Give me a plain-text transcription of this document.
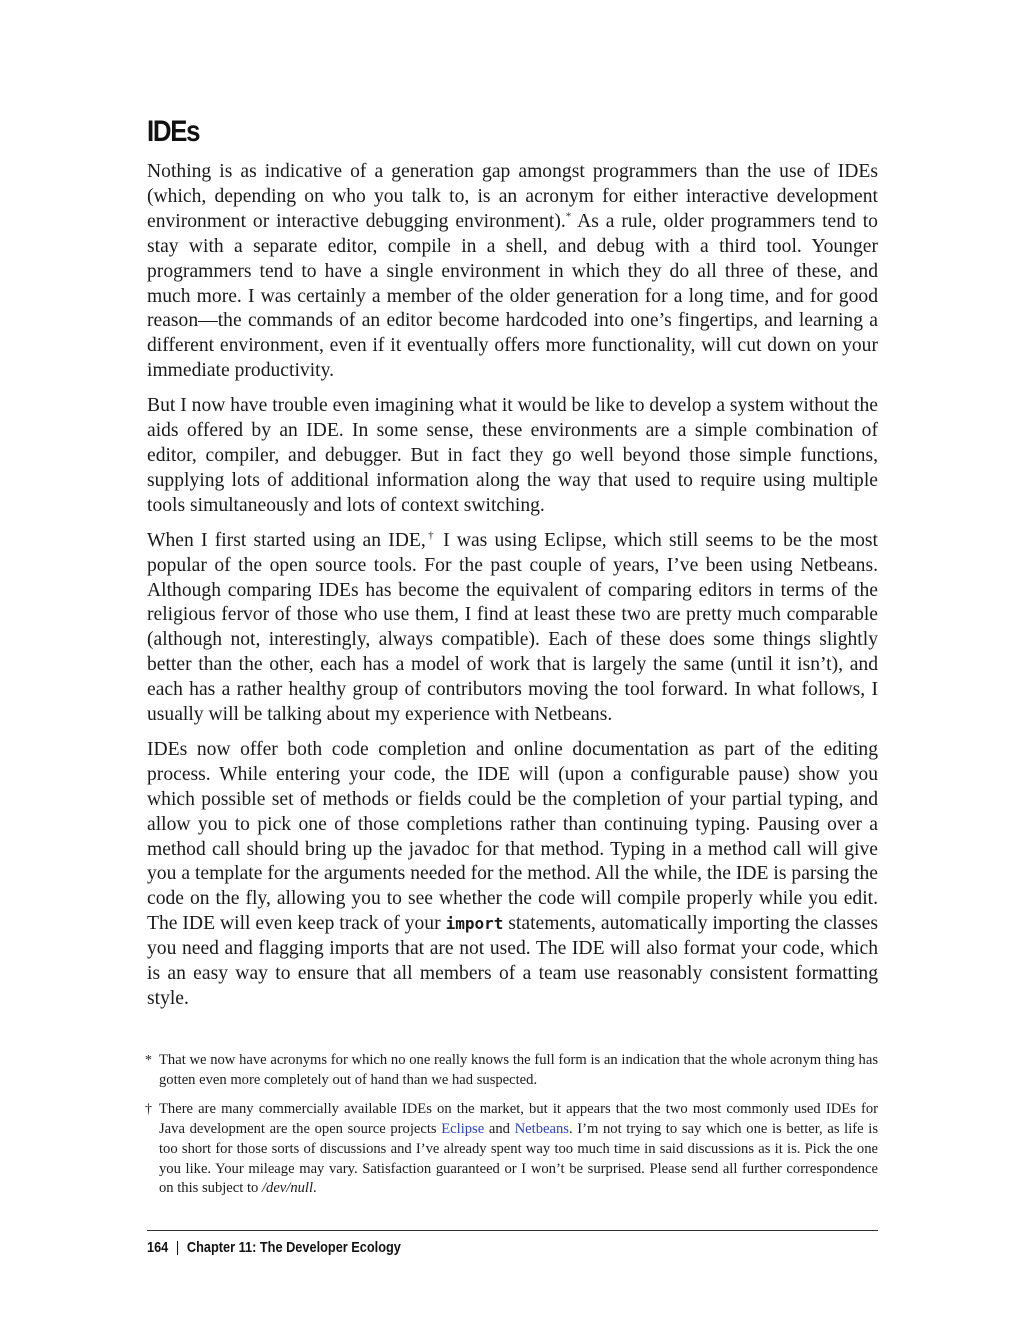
IDEs

Nothing is as indicative of a generation gap amongst programmers than the use of IDEs (which, depending on who you talk to, is an acronym for either interactive development environment or interactive debugging environment).* As a rule, older programmers tend to stay with a separate editor, compile in a shell, and debug with a third tool. Younger programmers tend to have a single environment in which they do all three of these, and much more. I was certainly a member of the older generation for a long time, and for good reason—the commands of an editor become hardcoded into one’s fingertips, and learning a different environment, even if it eventually offers more functionality, will cut down on your immediate productivity.

But I now have trouble even imagining what it would be like to develop a system without the aids offered by an IDE. In some sense, these environments are a simple combination of editor, compiler, and debugger. But in fact they go well beyond those simple functions, supplying lots of additional information along the way that used to require using multiple tools simultaneously and lots of context switching.

When I first started using an IDE,† I was using Eclipse, which still seems to be the most popular of the open source tools. For the past couple of years, I’ve been using Netbeans. Although comparing IDEs has become the equivalent of comparing editors in terms of the religious fervor of those who use them, I find at least these two are pretty much comparable (although not, interestingly, always compatible). Each of these does some things slightly better than the other, each has a model of work that is largely the same (until it isn’t), and each has a rather healthy group of contributors moving the tool forward. In what follows, I usually will be talking about my experience with Netbeans.

IDEs now offer both code completion and online documentation as part of the editing process. While entering your code, the IDE will (upon a configurable pause) show you which possible set of methods or fields could be the completion of your partial typing, and allow you to pick one of those completions rather than continuing typing. Pausing over a method call should bring up the javadoc for that method. Typing in a method call will give you a template for the arguments needed for the method. All the while, the IDE is parsing the code on the fly, allowing you to see whether the code will compile properly while you edit. The IDE will even keep track of your import statements, automatically importing the classes you need and flagging imports that are not used. The IDE will also format your code, which is an easy way to ensure that all members of a team use reasonably consistent formatting style.

* That we now have acronyms for which no one really knows the full form is an indication that the whole acronym thing has gotten even more completely out of hand than we had suspected.

† There are many commercially available IDEs on the market, but it appears that the two most commonly used IDEs for Java development are the open source projects Eclipse and Netbeans. I’m not trying to say which one is better, as life is too short for those sorts of discussions and I’ve already spent way too much time in said discussions as it is. Pick the one you like. Your mileage may vary. Satisfaction guaranteed or I won’t be surprised. Please send all further correspondence on this subject to /dev/null.

164 | Chapter 11: The Developer Ecology
